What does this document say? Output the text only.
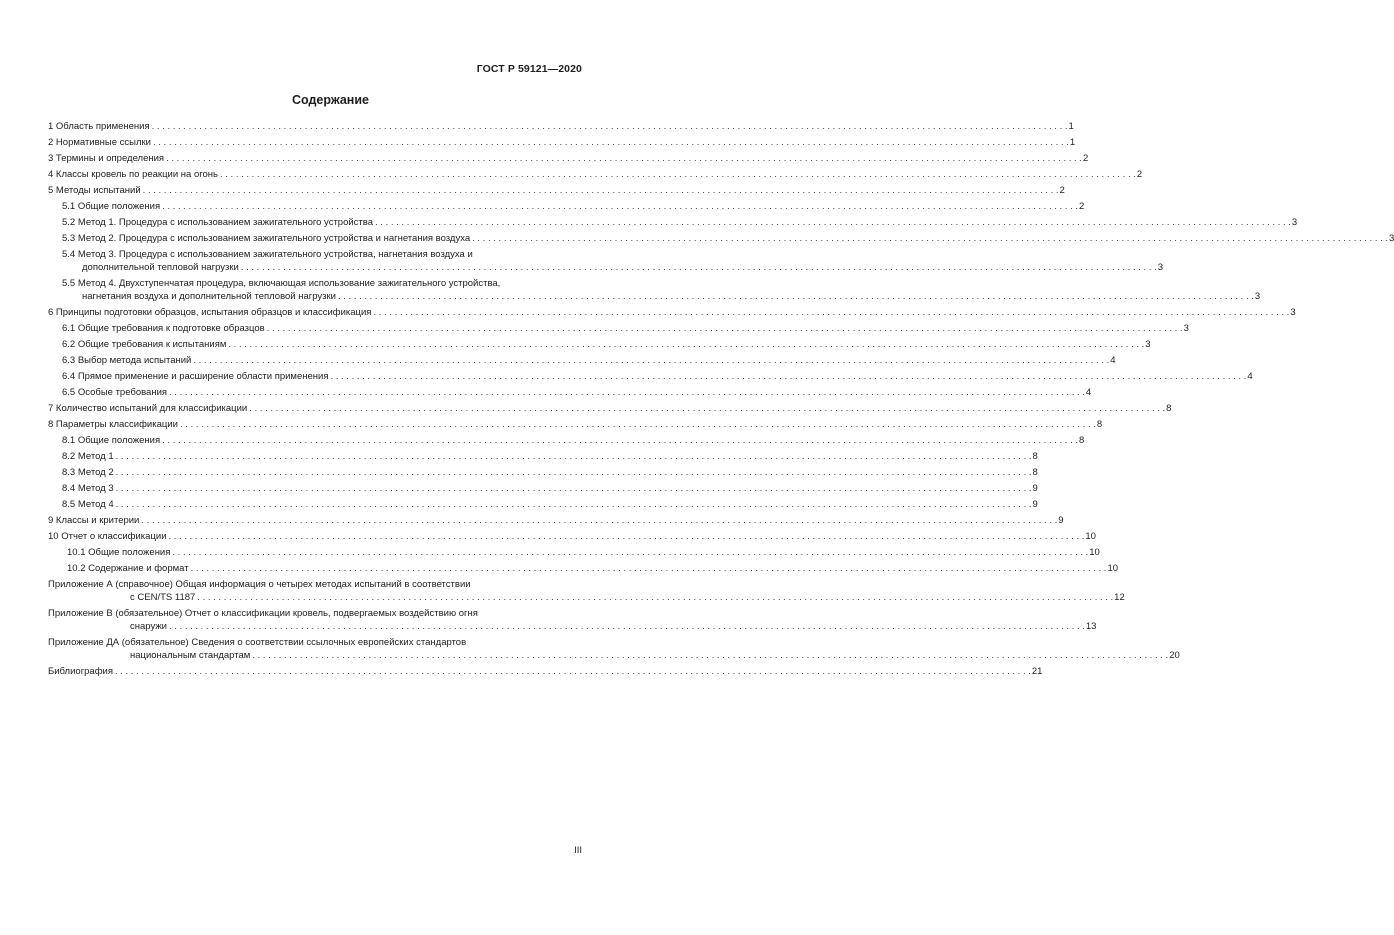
ГОСТ Р 59121—2020
Содержание
1 Область применения . . .	1
2 Нормативные ссылки . . .	1
3 Термины и определения . . .	2
4 Классы кровель по реакции на огонь . . .	2
5 Методы испытаний . . .	2
5.1 Общие положения . . .	2
5.2 Метод 1. Процедура с использованием зажигательного устройства . . .	3
5.3 Метод 2. Процедура с использованием зажигательного устройства и нагнетания воздуха . . .	3
5.4 Метод 3. Процедура с использованием зажигательного устройства, нагнетания воздуха и
дополнительной тепловой нагрузки . . .	3
5.5 Метод 4. Двухступенчатая процедура, включающая использование зажигательного устройства,
нагнетания воздуха и дополнительной тепловой нагрузки . . .	3
6 Принципы подготовки образцов, испытания образцов и классификация . . .	3
6.1 Общие требования к подготовке образцов . . .	3
6.2 Общие требования к испытаниям . . .	3
6.3 Выбор метода испытаний . . .	4
6.4 Прямое применение и расширение области применения . . .	4
6.5 Особые требования . . .	4
7 Количество испытаний для классификации . . .	8
8 Параметры классификации . . .	8
8.1 Общие положения . . .	8
8.2 Метод 1 . . .	8
8.3 Метод 2 . . .	8
8.4 Метод 3 . . .	9
8.5 Метод 4 . . .	9
9 Классы и критерии . . .	9
10 Отчет о классификации . . .	10
10.1 Общие положения . . .	10
10.2 Содержание и формат . . .	10
Приложение А (справочное) Общая информация о четырех методах испытаний в соответствии
с CEN/TS 1187 . . .	12
Приложение В (обязательное) Отчет о классификации кровель, подвергаемых воздействию огня
снаружи . . .	13
Приложение ДА (обязательное) Сведения о соответствии ссылочных европейских стандартов
национальным стандартам . . .	20
Библиография . . .	21
III
